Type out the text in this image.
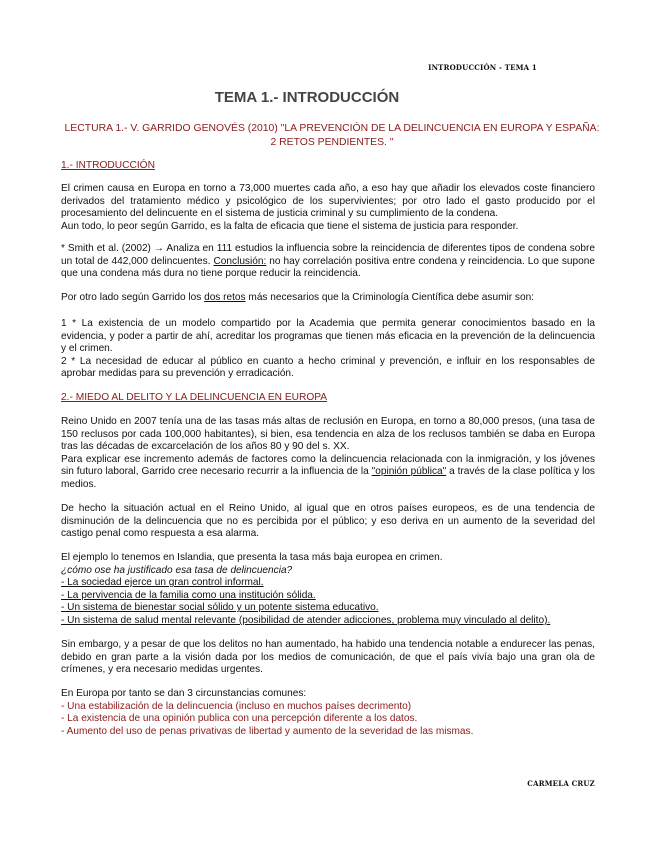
INTRODUCCIÓN - TEMA 1
TEMA 1.- INTRODUCCIÓN
LECTURA 1.- V. GARRIDO GENOVÉS (2010) "LA PREVENCIÓN DE LA DELINCUENCIA EN EUROPA Y ESPAÑA: 2 RETOS PENDIENTES. "
1.- INTRODUCCIÓN

El crimen causa en Europa en torno a 73,000 muertes cada año, a eso hay que añadir los elevados coste financiero derivados del tratamiento médico y psicológico de los supervivientes; por otro lado el gasto producido por el procesamiento del delincuente en el sistema de justicia criminal y su cumplimiento de la condena.
Aun todo, lo peor según Garrido, es la falta de eficacia que tiene el sistema de justicia para responder.

* Smith et al. (2002) → Analiza en 111 estudios la influencia sobre la reincidencia de diferentes tipos de condena sobre un total de 442,000 delincuentes. Conclusión: no hay correlación positiva entre condena y reincidencia. Lo que supone que una condena más dura no tiene porque reducir la reincidencia.

Por otro lado según Garrido los dos retos más necesarios que la Criminología Científica debe asumir son:

1 * La existencia de un modelo compartido por la Academia que permita generar conocimientos basado en la evidencia, y poder a partir de ahí, acreditar los programas que tienen más eficacia en la prevención de la delincuencia y el crimen.
2 * La necesidad de educar al público en cuanto a hecho criminal y prevención, e influir en los responsables de aprobar medidas para su prevención y erradicación.

2.- MIEDO AL DELITO Y LA DELINCUENCIA EN EUROPA

Reino Unido en 2007 tenía una de las tasas más altas de reclusión en Europa, en torno a 80,000 presos, (una tasa de 150 reclusos por cada 100,000 habitantes), si bien, esa tendencia en alza de los reclusos también se daba en Europa tras las décadas de excarcelación de los años 80 y 90 del s. XX.
Para explicar ese incremento además de factores como la delincuencia relacionada con la inmigración, y los jóvenes sin futuro laboral, Garrido cree necesario recurrir a la influencia de la "opinión pública" a través de la clase política y los medios.

De hecho la situación actual en el Reino Unido, al igual que en otros países europeos, es de una tendencia de disminución de la delincuencia que no es percibida por el público; y eso deriva en un aumento de la severidad del castigo penal como respuesta a esa alarma.

El ejemplo lo tenemos en Islandia, que presenta la tasa más baja europea en crimen.
¿cómo ose ha justificado esa tasa de delincuencia?
- La sociedad ejerce un gran control informal.
- La pervivencia de la familia como una institución sólida.
- Un sistema de bienestar social sólido y un potente sistema educativo.
- Un sistema de salud mental relevante (posibilidad de atender adicciones, problema muy vinculado al delito).

Sin embargo, y a pesar de que los delitos no han aumentado, ha habido una tendencia notable a endurecer las penas, debido en gran parte a la visión dada por los medios de comunicación, de que el país vivía bajo una gran ola de crímenes, y era necesario medidas urgentes.

En Europa por tanto se dan 3 circunstancias comunes:
- Una estabilización de la delincuencia (incluso en muchos países decrimento)
- La existencia de una opinión publica con una percepción diferente a los datos.
- Aumento del uso de penas privativas de libertad y aumento de la severidad de las mismas.

CARMELA CRUZ
